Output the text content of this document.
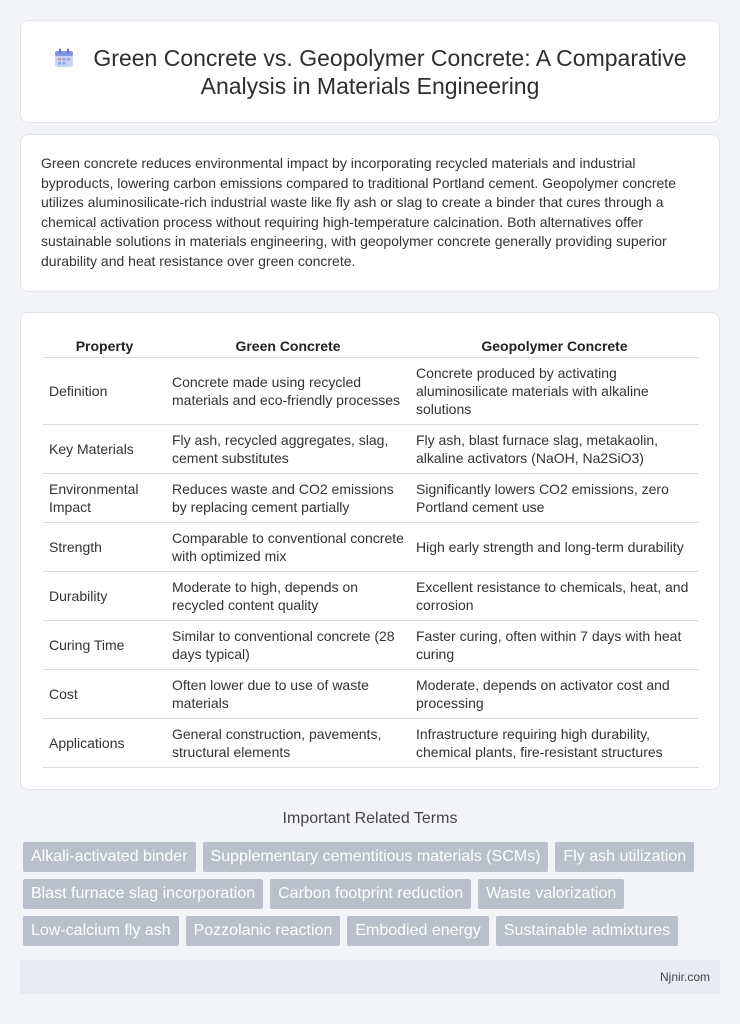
Green Concrete vs. Geopolymer Concrete: A Comparative Analysis in Materials Engineering

Green concrete reduces environmental impact by incorporating recycled materials and industrial byproducts, lowering carbon emissions compared to traditional Portland cement. Geopolymer concrete utilizes aluminosilicate-rich industrial waste like fly ash or slag to create a binder that cures through a chemical activation process without requiring high-temperature calcination. Both alternatives offer sustainable solutions in materials engineering, with geopolymer concrete generally providing superior durability and heat resistance over green concrete.

Property	Green Concrete	Geopolymer Concrete
Definition	Concrete made using recycled materials and eco-friendly processes	Concrete produced by activating aluminosilicate materials with alkaline solutions
Key Materials	Fly ash, recycled aggregates, slag, cement substitutes	Fly ash, blast furnace slag, metakaolin, alkaline activators (NaOH, Na2SiO3)
Environmental Impact	Reduces waste and CO2 emissions by replacing cement partially	Significantly lowers CO2 emissions, zero Portland cement use
Strength	Comparable to conventional concrete with optimized mix	High early strength and long-term durability
Durability	Moderate to high, depends on recycled content quality	Excellent resistance to chemicals, heat, and corrosion
Curing Time	Similar to conventional concrete (28 days typical)	Faster curing, often within 7 days with heat curing
Cost	Often lower due to use of waste materials	Moderate, depends on activator cost and processing
Applications	General construction, pavements, structural elements	Infrastructure requiring high durability, chemical plants, fire-resistant structures
Important Related Terms
Alkali-activated binder	Supplementary cementitious materials (SCMs)	Fly ash utilization
Blast furnace slag incorporation	Carbon footprint reduction	Waste valorization
Low-calcium fly ash	Pozzolanic reaction	Embodied energy	Sustainable admixtures
Njnir.com
